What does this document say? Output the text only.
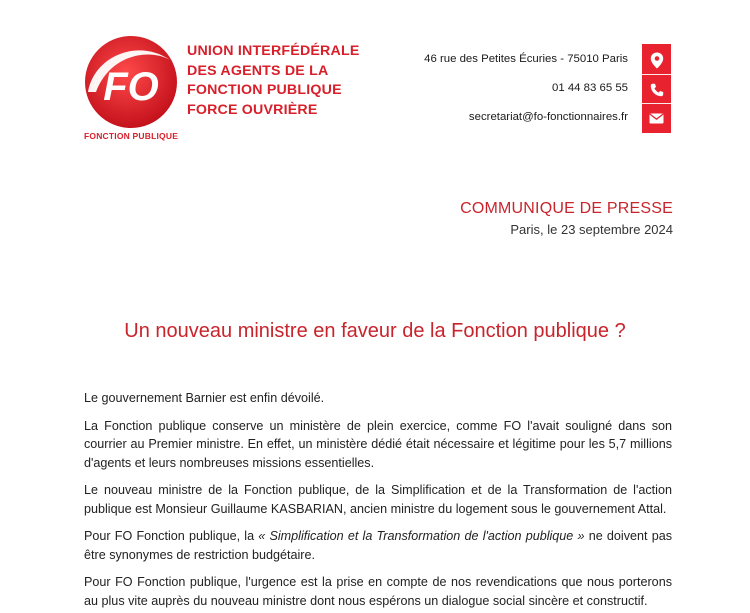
FO
FONCTION PUBLIQUE
UNION INTERFÉDÉRALE
DES AGENTS DE LA
FONCTION PUBLIQUE
FORCE OUVRIÈRE
46 rue des Petites Écuries - 75010 Paris
01 44 83 65 55
secretariat@fo-fonctionnaires.fr
COMMUNIQUE DE PRESSE
Paris, le 23 septembre 2024
Un nouveau ministre en faveur de la Fonction publique ?

Le gouvernement Barnier est enfin dévoilé.

La Fonction publique conserve un ministère de plein exercice, comme FO l'avait souligné dans son courrier au Premier ministre. En effet, un ministère dédié était nécessaire et légitime pour les 5,7 millions d'agents et leurs nombreuses missions essentielles.

Le nouveau ministre de la Fonction publique, de la Simplification et de la Transformation de l'action publique est Monsieur Guillaume KASBARIAN, ancien ministre du logement sous le gouvernement Attal.

Pour FO Fonction publique, la « Simplification et la Transformation de l'action publique » ne doivent pas être synonymes de restriction budgétaire.

Pour FO Fonction publique, l'urgence est la prise en compte de nos revendications que nous porterons au plus vite auprès du nouveau ministre dont nous espérons un dialogue social sincère et constructif.
